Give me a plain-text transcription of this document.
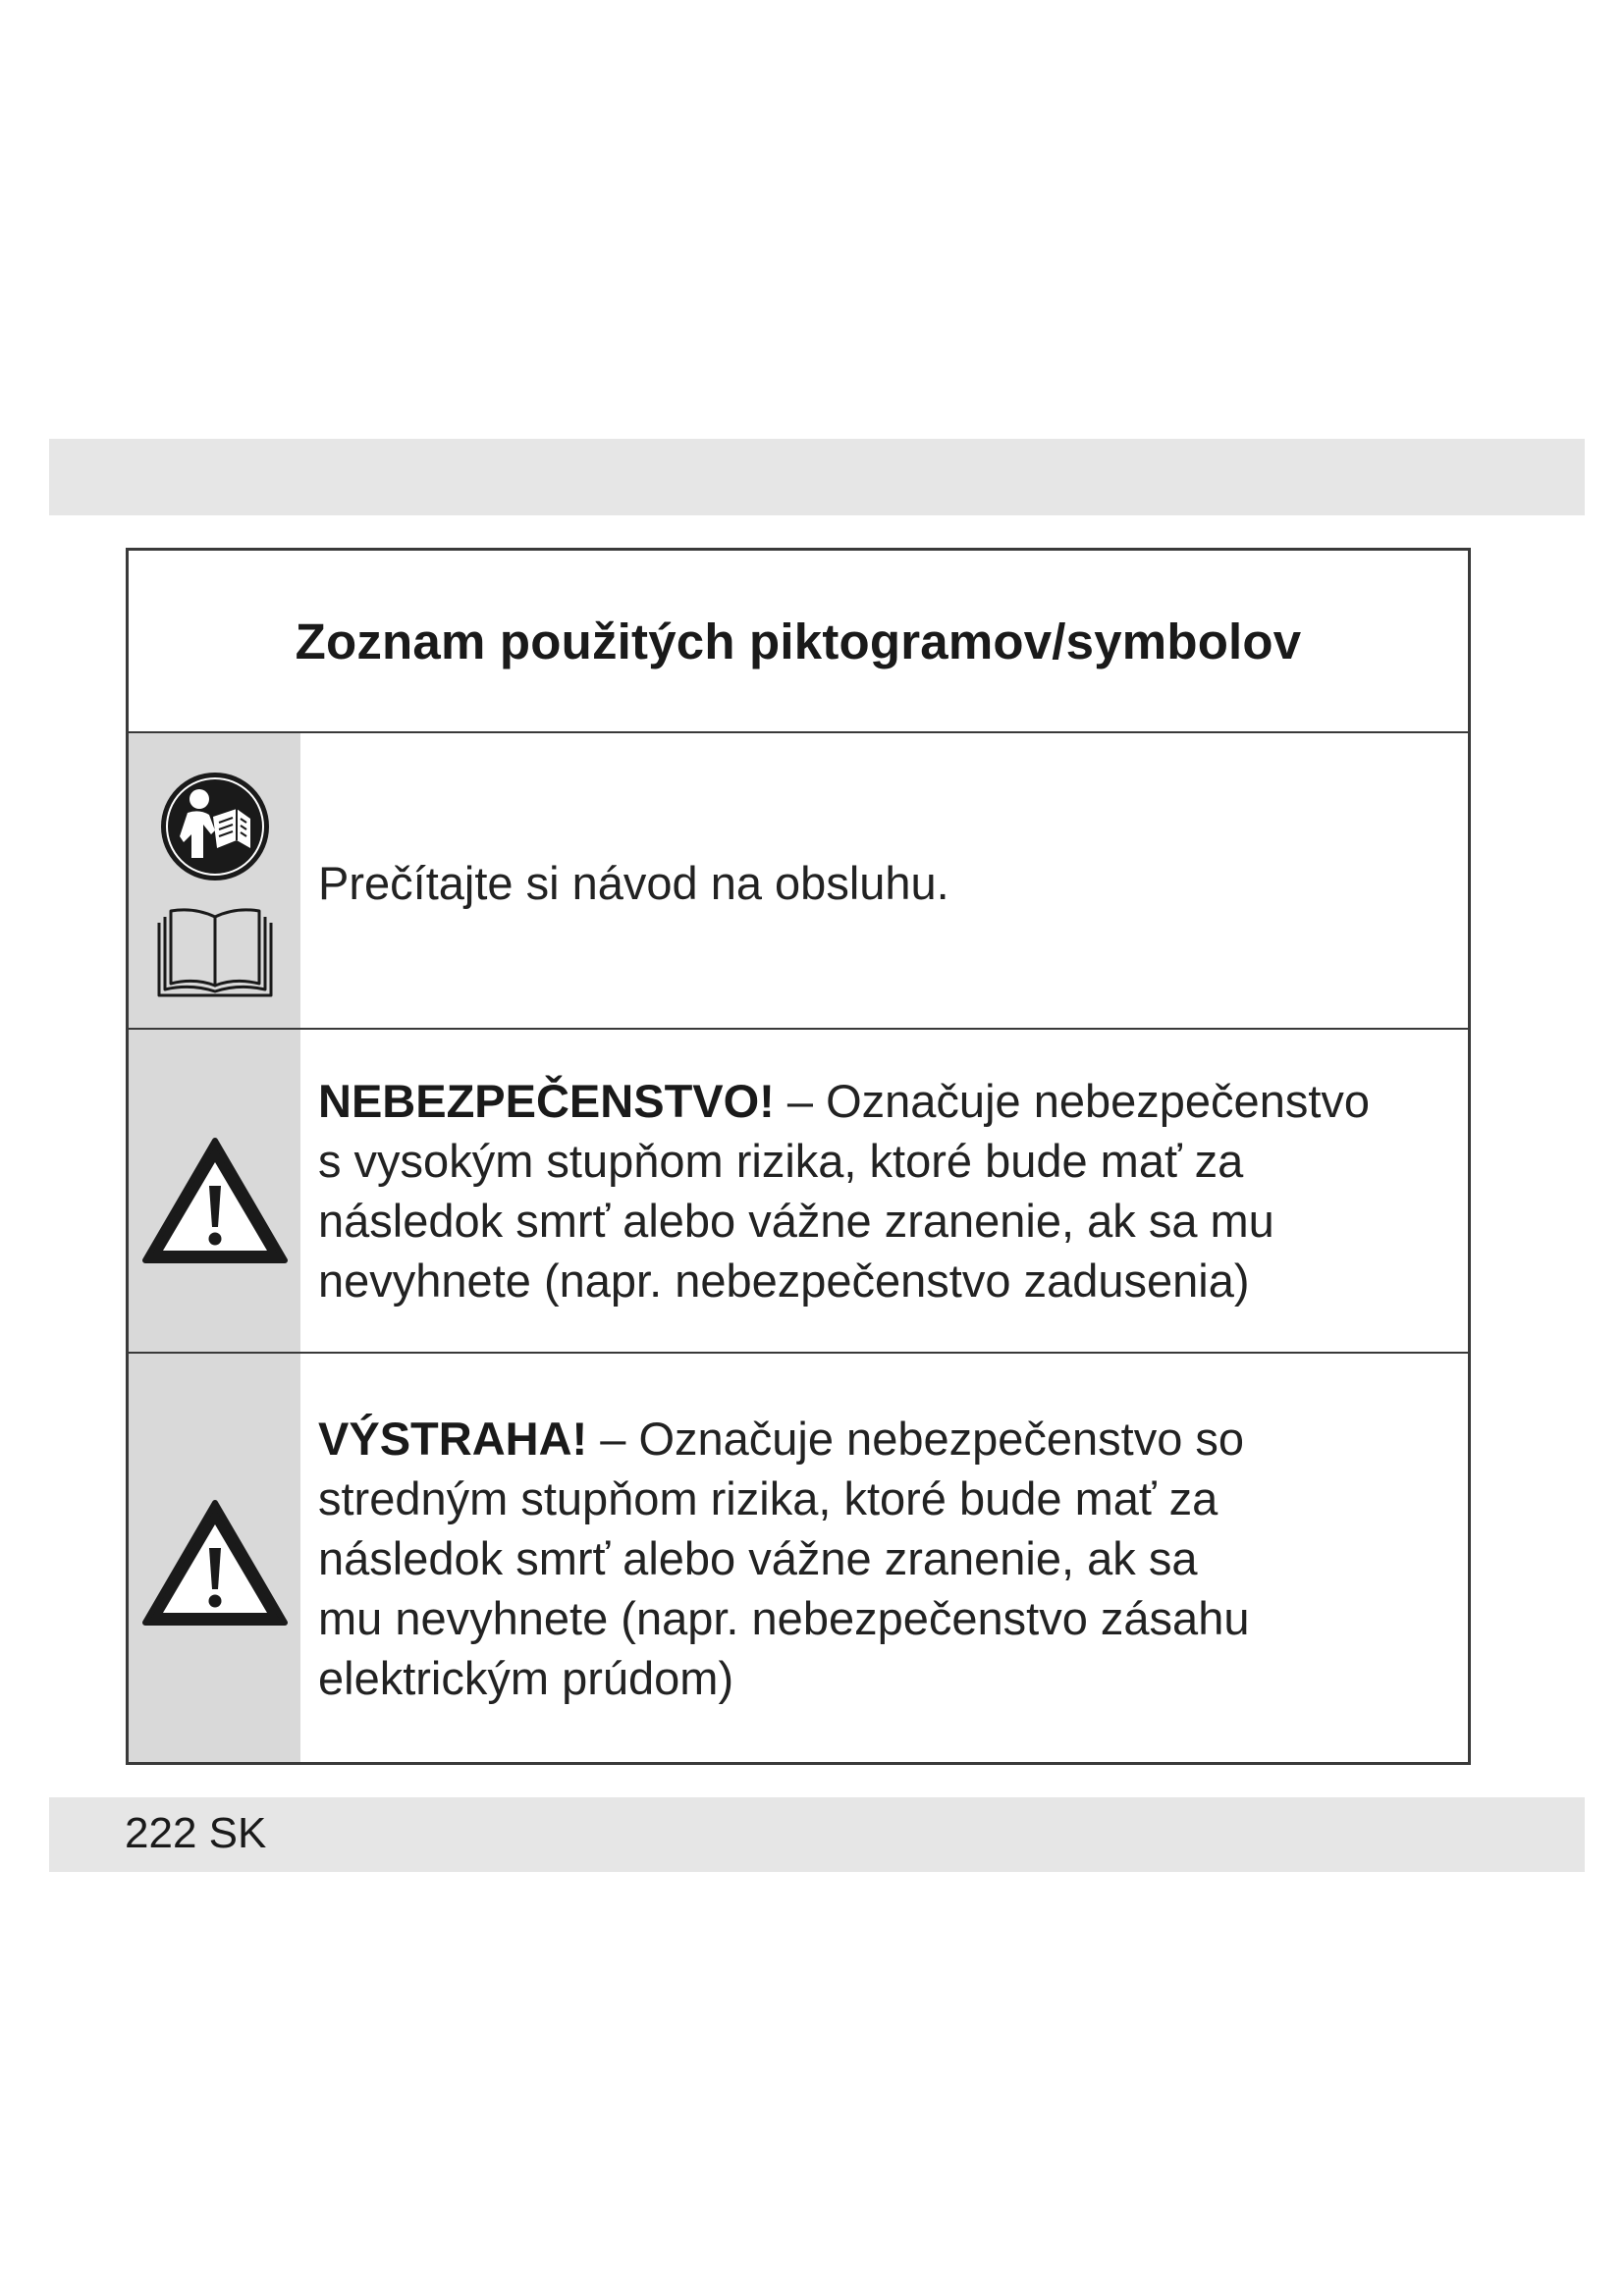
Zoznam použitých piktogramov/symbolov
Prečítajte si návod na obsluhu.
NEBEZPEČENSTVO! – Označuje nebezpečenstvo
s vysokým stupňom rizika, ktoré bude mať za
následok smrť alebo vážne zranenie, ak sa mu
nevyhnete (napr. nebezpečenstvo zadusenia)
VÝSTRAHA! – Označuje nebezpečenstvo so
stredným stupňom rizika, ktoré bude mať za
následok smrť alebo vážne zranenie, ak sa
mu nevyhnete (napr. nebezpečenstvo zásahu
elektrickým prúdom)
222 SK
